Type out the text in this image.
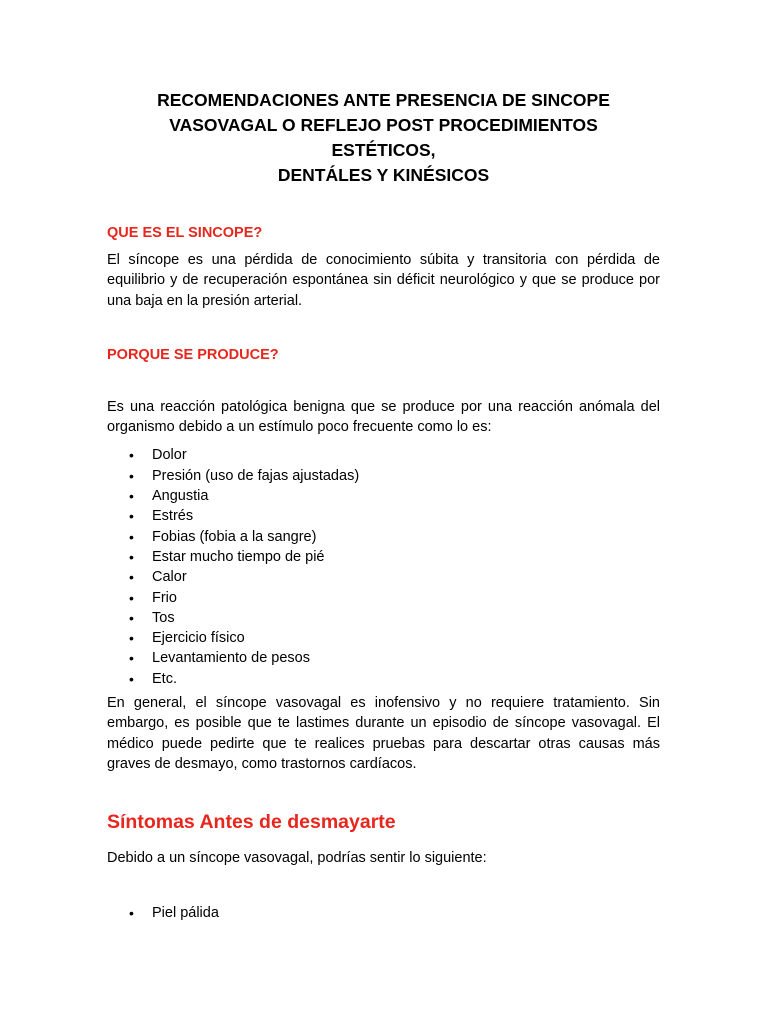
RECOMENDACIONES ANTE PRESENCIA DE SINCOPE
VASOVAGAL O REFLEJO POST PROCEDIMIENTOS ESTÉTICOS,
DENTÁLES Y KINÉSICOS
QUE ES EL SINCOPE?

El síncope es una pérdida de conocimiento súbita y transitoria con pérdida de equilibrio y de recuperación espontánea sin déficit neurológico y que se produce por una baja en la presión arterial.

PORQUE SE PRODUCE?

Es una reacción patológica benigna que se produce por una reacción anómala del organismo debido a un estímulo poco frecuente como lo es:

• Dolor
• Presión (uso de fajas ajustadas)
• Angustia
• Estrés
• Fobias (fobia a la sangre)
• Estar mucho tiempo de pié
• Calor
• Frio
• Tos
• Ejercicio físico
• Levantamiento de pesos
• Etc.

En general, el síncope vasovagal es inofensivo y no requiere tratamiento. Sin embargo, es posible que te lastimes durante un episodio de síncope vasovagal. El médico puede pedirte que te realices pruebas para descartar otras causas más graves de desmayo, como trastornos cardíacos.

Síntomas Antes de desmayarte

Debido a un síncope vasovagal, podrías sentir lo siguiente:

• Piel pálida
